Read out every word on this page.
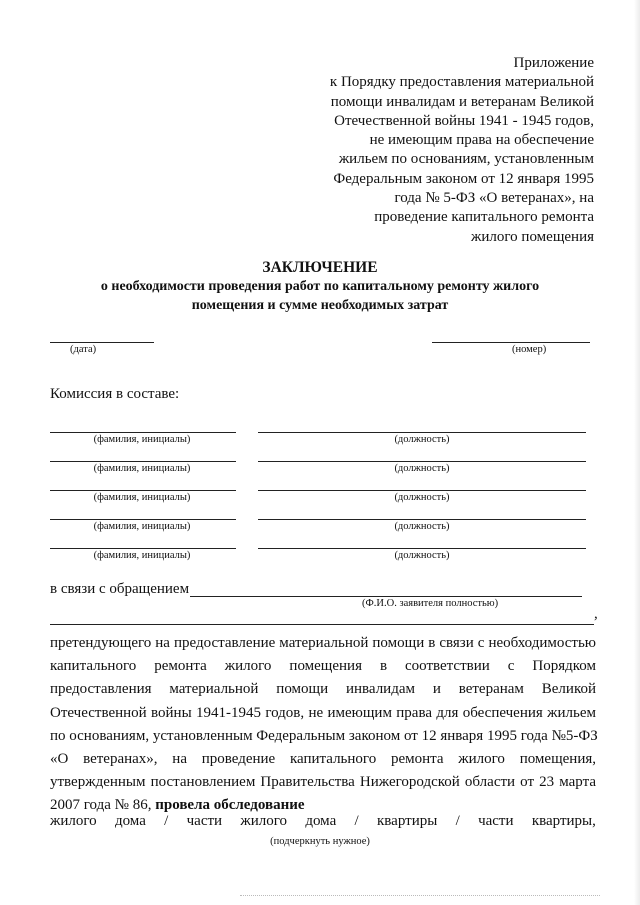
Приложение
к Порядку предоставления материальной
помощи инвалидам и ветеранам Великой
Отечественной войны 1941 - 1945 годов,
не имеющим права на обеспечение
жильем по основаниям, установленным
Федеральным законом от 12 января 1995
года № 5-ФЗ «О ветеранах», на
проведение капитального ремонта
жилого помещения
ЗАКЛЮЧЕНИЕ
о необходимости проведения работ по капитальному ремонту жилого
помещения и сумме необходимых затрат
(дата)	(номер)
Комиссия в составе:
(фамилия, инициалы)	(должность)
(фамилия, инициалы)	(должность)
(фамилия, инициалы)	(должность)
(фамилия, инициалы)	(должность)
(фамилия, инициалы)	(должность)
в связи с обращением
(Ф.И.О. заявителя полностью)
,
претендующего на предоставление материальной помощи в связи с необходимостью
капитального ремонта жилого помещения в соответствии с Порядком
предоставления материальной помощи инвалидам и ветеранам Великой
Отечественной войны 1941-1945 годов, не имеющим права для обеспечения жильем
по основаниям, установленным Федеральным законом от 12 января 1995 года №5-ФЗ
«О ветеранах», на проведение капитального ремонта жилого помещения,
утвержденным постановлением Правительства Нижегородской области от 23 марта
2007 года № 86, провела обследование
жилого дома / части жилого дома / квартиры / части квартиры,
(подчеркнуть нужное)
